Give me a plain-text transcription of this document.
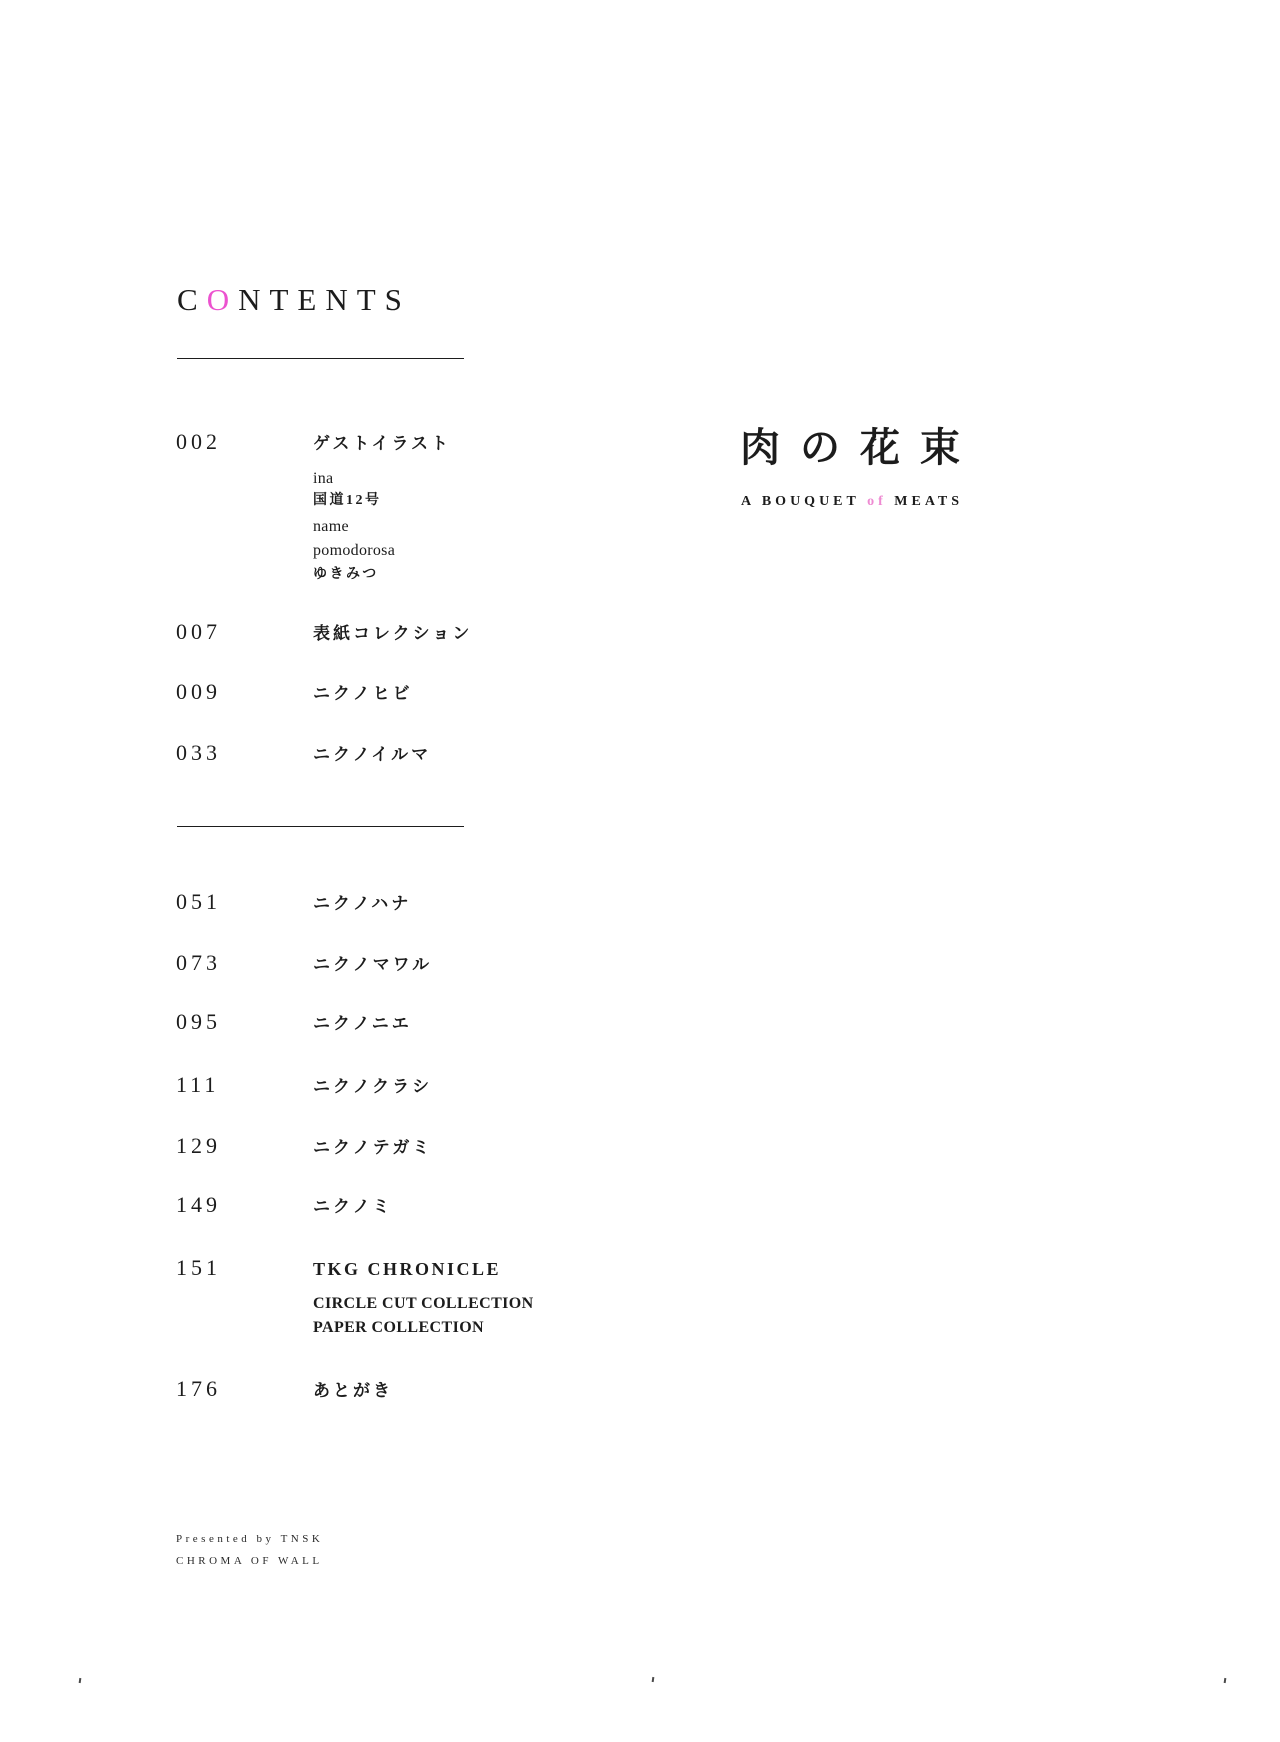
CONTENTS
002	ゲストイラスト
ina
国道12号
name
pomodorosa
ゆきみつ
007	表紙コレクション
009	ニクノヒビ
033	ニクノイルマ
051	ニクノハナ
073	ニクノマワル
095	ニクノニエ
111	ニクノクラシ
129	ニクノテガミ
149	ニクノミ
151	TKG CHRONICLE
CIRCLE CUT COLLECTION
PAPER COLLECTION
176	あとがき
肉の花束
A BOUQUET of MEATS
Presented by TNSK
CHROMA OF WALL
